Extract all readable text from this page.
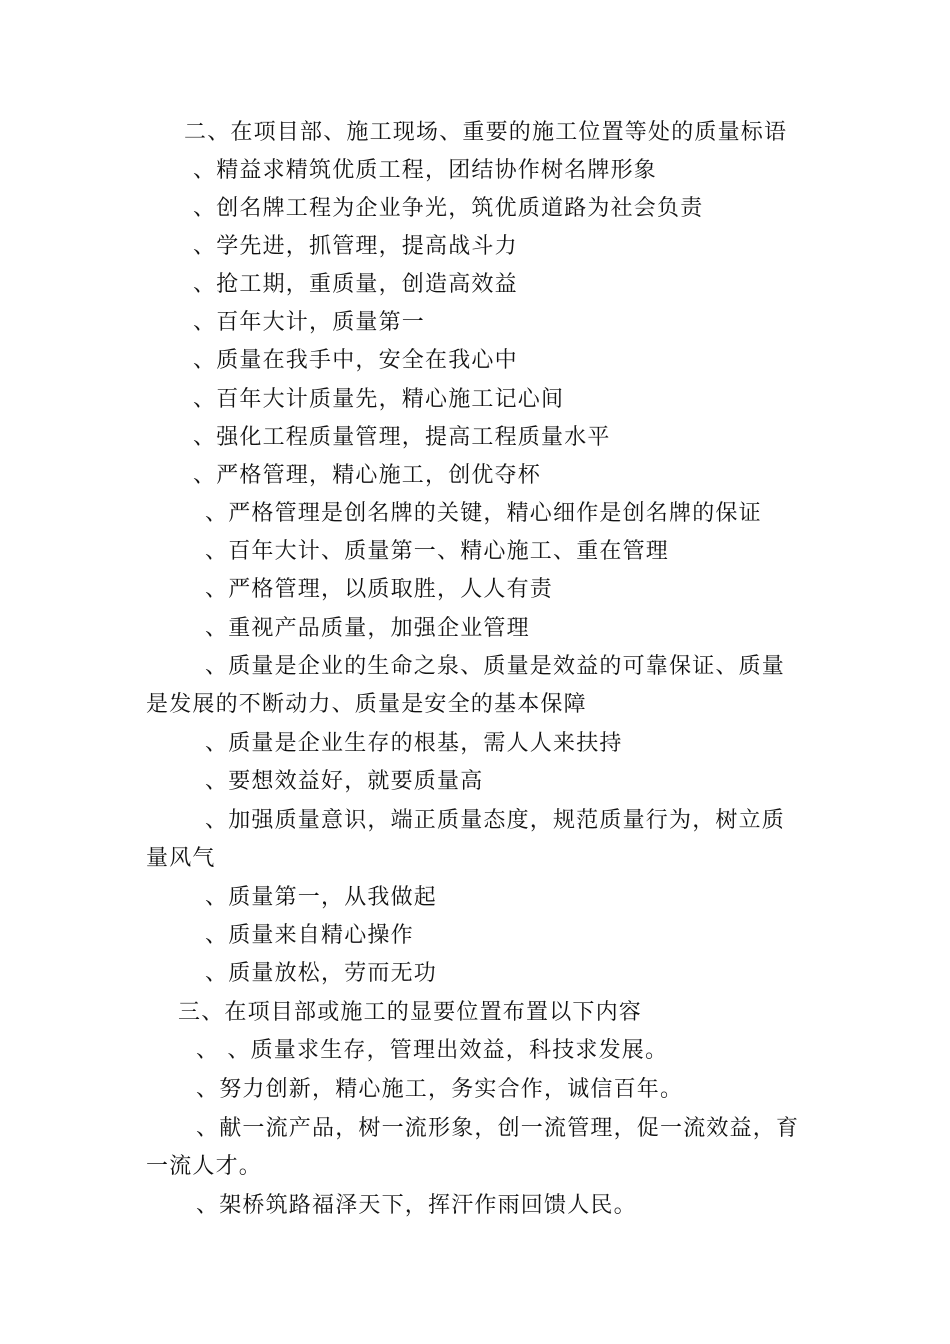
二、在项目部、施工现场、重要的施工位置等处的质量标语
、精益求精筑优质工程，团结协作树名牌形象
、创名牌工程为企业争光，筑优质道路为社会负责
、学先进，抓管理，提高战斗力
、抢工期，重质量，创造高效益
、百年大计，质量第一
、质量在我手中，安全在我心中
、百年大计质量先，精心施工记心间
、强化工程质量管理，提高工程质量水平
、严格管理，精心施工，创优夺杯
、严格管理是创名牌的关键，精心细作是创名牌的保证
、百年大计、质量第一、精心施工、重在管理
、严格管理，以质取胜，人人有责
、重视产品质量，加强企业管理
、质量是企业的生命之泉、质量是效益的可靠保证、质量
是发展的不断动力、质量是安全的基本保障
、质量是企业生存的根基，需人人来扶持
、要想效益好，就要质量高
、加强质量意识，端正质量态度，规范质量行为，树立质
量风气
、质量第一，从我做起
、质量来自精心操作
、质量放松，劳而无功
三、在项目部或施工的显要位置布置以下内容
、 、质量求生存，管理出效益，科技求发展。
、努力创新，精心施工，务实合作，诚信百年。
、献一流产品，树一流形象，创一流管理，促一流效益，育
一流人才。
、架桥筑路福泽天下，挥汗作雨回馈人民。
